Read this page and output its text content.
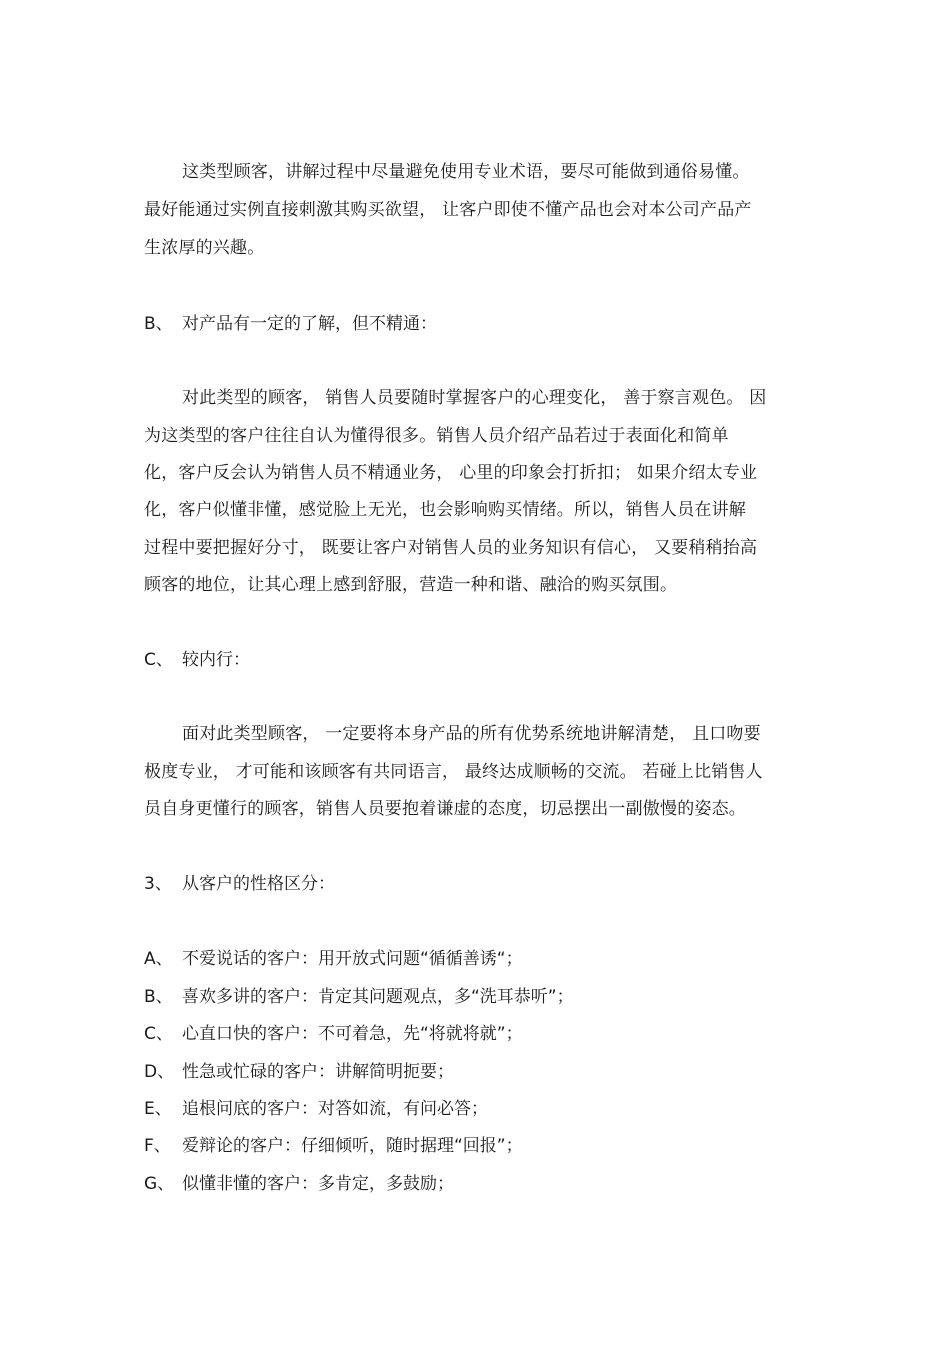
这类型顾客，讲解过程中尽量避免使用专业术语，要尽可能做到通俗易懂。
最好能通过实例直接刺激其购买欲望， 让客户即使不懂产品也会对本公司产品产
生浓厚的兴趣。
B、 对产品有一定的了解，但不精通：
对此类型的顾客， 销售人员要随时掌握客户的心理变化， 善于察言观色。 因
为这类型的客户往往自认为懂得很多。销售人员介绍产品若过于表面化和简单
化，客户反会认为销售人员不精通业务， 心里的印象会打折扣； 如果介绍太专业
化，客户似懂非懂，感觉脸上无光，也会影响购买情绪。所以，销售人员在讲解
过程中要把握好分寸， 既要让客户对销售人员的业务知识有信心， 又要稍稍抬高
顾客的地位，让其心理上感到舒服，营造一种和谐、融洽的购买氛围。
C、 较内行：
面对此类型顾客， 一定要将本身产品的所有优势系统地讲解清楚， 且口吻要
极度专业， 才可能和该顾客有共同语言， 最终达成顺畅的交流。 若碰上比销售人
员自身更懂行的顾客，销售人员要抱着谦虚的态度，切忌摆出一副傲慢的姿态。
3、 从客户的性格区分：
A、 不爱说话的客户：用开放式问题“循循善诱“；
B、 喜欢多讲的客户：肯定其问题观点，多“洗耳恭听”；
C、 心直口快的客户：不可着急，先“将就将就”；
D、 性急或忙碌的客户：讲解简明扼要；
E、 追根问底的客户：对答如流，有问必答；
F、 爱辩论的客户：仔细倾听，随时据理“回报”；
G、 似懂非懂的客户：多肯定，多鼓励；
